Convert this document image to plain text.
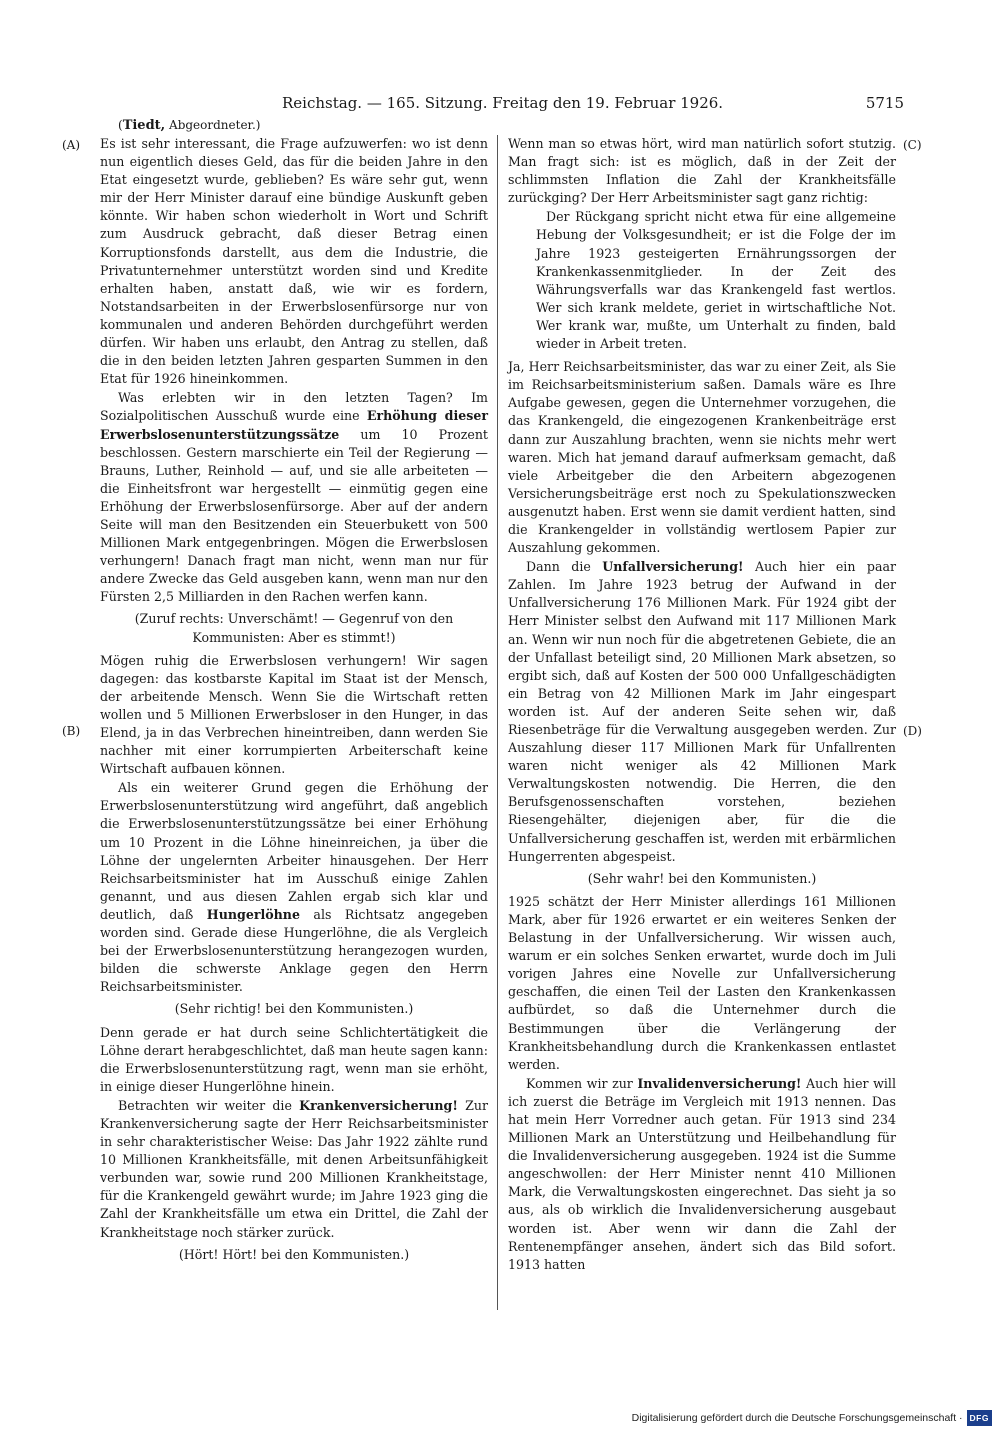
Reichstag. — 165. Sitzung. Freitag den 19. Februar 1926.	5715
(Tiedt, Abgeordneter.)
(A)
(B)
(C)
(D)

Es ist sehr interessant, die Frage aufzuwerfen: wo ist denn nun eigentlich dieses Geld, das für die beiden Jahre in den Etat eingesetzt wurde, geblieben? Es wäre sehr gut, wenn mir der Herr Minister darauf eine bündige Auskunft geben könnte. Wir haben schon wiederholt in Wort und Schrift zum Ausdruck gebracht, daß dieser Betrag einen Korruptionsfonds darstellt, aus dem die Industrie, die Privatunternehmer unterstützt worden sind und Kredite erhalten haben, anstatt daß, wie wir es fordern, Notstandsarbeiten in der Erwerbslosenfürsorge nur von kommunalen und anderen Behörden durchgeführt werden dürfen. Wir haben uns erlaubt, den Antrag zu stellen, daß die in den beiden letzten Jahren gesparten Summen in den Etat für 1926 hineinkommen.

Was erlebten wir in den letzten Tagen? Im Sozialpolitischen Ausschuß wurde eine Erhöhung dieser Erwerbslosenunterstützungssätze um 10 Prozent beschlossen. Gestern marschierte ein Teil der Regierung — Brauns, Luther, Reinhold — auf, und sie alle arbeiteten — die Einheitsfront war hergestellt — einmütig gegen eine Erhöhung der Erwerbslosenfürsorge. Aber auf der andern Seite will man den Besitzenden ein Steuerbukett von 500 Millionen Mark entgegenbringen. Mögen die Erwerbslosen verhungern! Danach fragt man nicht, wenn man nur für andere Zwecke das Geld ausgeben kann, wenn man nur den Fürsten 2,5 Milliarden in den Rachen werfen kann.

(Zuruf rechts: Unverschämt! — Gegenruf von den Kommunisten: Aber es stimmt!)

Mögen ruhig die Erwerbslosen verhungern! Wir sagen dagegen: das kostbarste Kapital im Staat ist der Mensch, der arbeitende Mensch. Wenn Sie die Wirtschaft retten wollen und 5 Millionen Erwerbsloser in den Hunger, in das Elend, ja in das Verbrechen hineintreiben, dann werden Sie nachher mit einer korrumpierten Arbeiterschaft keine Wirtschaft aufbauen können.

Als ein weiterer Grund gegen die Erhöhung der Erwerbslosenunterstützung wird angeführt, daß angeblich die Erwerbslosenunterstützungssätze bei einer Erhöhung um 10 Prozent in die Löhne hineinreichen, ja über die Löhne der ungelernten Arbeiter hinausgehen. Der Herr Reichsarbeitsminister hat im Ausschuß einige Zahlen genannt, und aus diesen Zahlen ergab sich klar und deutlich, daß Hungerlöhne als Richtsatz angegeben worden sind. Gerade diese Hungerlöhne, die als Vergleich bei der Erwerbslosenunterstützung herangezogen wurden, bilden die schwerste Anklage gegen den Herrn Reichsarbeitsminister.

(Sehr richtig! bei den Kommunisten.)

Denn gerade er hat durch seine Schlichtertätigkeit die Löhne derart herabgeschlichtet, daß man heute sagen kann: die Erwerbslosenunterstützung ragt, wenn man sie erhöht, in einige dieser Hungerlöhne hinein.

Betrachten wir weiter die Krankenversicherung! Zur Krankenversicherung sagte der Herr Reichsarbeitsminister in sehr charakteristischer Weise: Das Jahr 1922 zählte rund 10 Millionen Krankheitsfälle, mit denen Arbeitsunfähigkeit verbunden war, sowie rund 200 Millionen Krankheitstage, für die Krankengeld gewährt wurde; im Jahre 1923 ging die Zahl der Krankheitsfälle um etwa ein Drittel, die Zahl der Krankheitstage noch stärker zurück.

(Hört! Hört! bei den Kommunisten.)

Wenn man so etwas hört, wird man natürlich sofort stutzig. Man fragt sich: ist es möglich, daß in der Zeit der schlimmsten Inflation die Zahl der Krankheitsfälle zurückging? Der Herr Arbeitsminister sagt ganz richtig:

Der Rückgang spricht nicht etwa für eine allgemeine Hebung der Volksgesundheit; er ist die Folge der im Jahre 1923 gesteigerten Ernährungssorgen der Krankenkassenmitglieder. In der Zeit des Währungsverfalls war das Krankengeld fast wertlos. Wer sich krank meldete, geriet in wirtschaftliche Not. Wer krank war, mußte, um Unterhalt zu finden, bald wieder in Arbeit treten.

Ja, Herr Reichsarbeitsminister, das war zu einer Zeit, als Sie im Reichsarbeitsministerium saßen. Damals wäre es Ihre Aufgabe gewesen, gegen die Unternehmer vorzugehen, die das Krankengeld, die eingezogenen Krankenbeiträge erst dann zur Auszahlung brachten, wenn sie nichts mehr wert waren. Mich hat jemand darauf aufmerksam gemacht, daß viele Arbeitgeber die den Arbeitern abgezogenen Versicherungsbeiträge erst noch zu Spekulationszwecken ausgenutzt haben. Erst wenn sie damit verdient hatten, sind die Krankengelder in vollständig wertlosem Papier zur Auszahlung gekommen.

Dann die Unfallversicherung! Auch hier ein paar Zahlen. Im Jahre 1923 betrug der Aufwand in der Unfallversicherung 176 Millionen Mark. Für 1924 gibt der Herr Minister selbst den Aufwand mit 117 Millionen Mark an. Wenn wir nun noch für die abgetretenen Gebiete, die an der Unfallast beteiligt sind, 20 Millionen Mark absetzen, so ergibt sich, daß auf Kosten der 500 000 Unfallgeschädigten ein Betrag von 42 Millionen Mark im Jahr eingespart worden ist. Auf der anderen Seite sehen wir, daß Riesenbeträge für die Verwaltung ausgegeben werden. Zur Auszahlung dieser 117 Millionen Mark für Unfallrenten waren nicht weniger als 42 Millionen Mark Verwaltungskosten notwendig. Die Herren, die den Berufsgenossenschaften vorstehen, beziehen Riesengehälter, diejenigen aber, für die die Unfallversicherung geschaffen ist, werden mit erbärmlichen Hungerrenten abgespeist.

(Sehr wahr! bei den Kommunisten.)

1925 schätzt der Herr Minister allerdings 161 Millionen Mark, aber für 1926 erwartet er ein weiteres Senken der Belastung in der Unfallversicherung. Wir wissen auch, warum er ein solches Senken erwartet, wurde doch im Juli vorigen Jahres eine Novelle zur Unfallversicherung geschaffen, die einen Teil der Lasten den Krankenkassen aufbürdet, so daß die Unternehmer durch die Bestimmungen über die Verlängerung der Krankheitsbehandlung durch die Krankenkassen entlastet werden.

Kommen wir zur Invalidenversicherung! Auch hier will ich zuerst die Beträge im Vergleich mit 1913 nennen. Das hat mein Herr Vorredner auch getan. Für 1913 sind 234 Millionen Mark an Unterstützung und Heilbehandlung für die Invalidenversicherung ausgegeben. 1924 ist die Summe angeschwollen: der Herr Minister nennt 410 Millionen Mark, die Verwaltungskosten eingerechnet. Das sieht ja so aus, als ob wirklich die Invalidenversicherung ausgebaut worden ist. Aber wenn wir dann die Zahl der Rentenempfänger ansehen, ändert sich das Bild sofort. 1913 hatten

Digitalisierung gefördert durch die Deutsche Forschungsgemeinschaft · DFG
